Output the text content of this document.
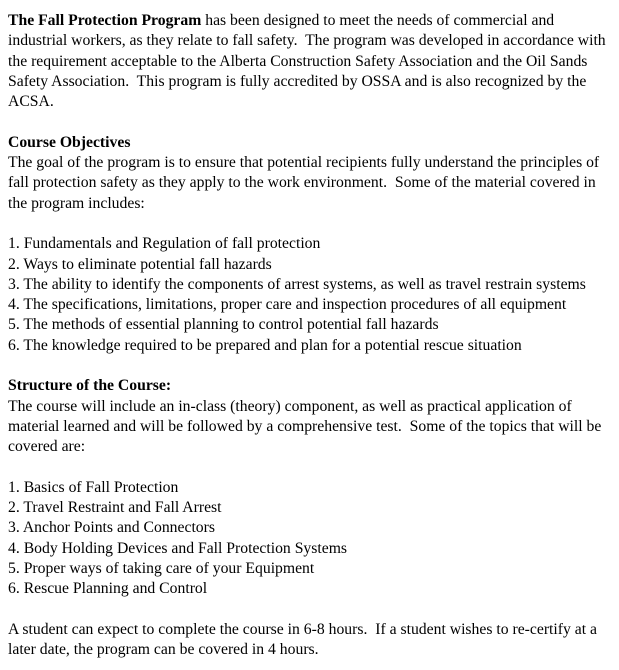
The Fall Protection Program has been designed to meet the needs of commercial and industrial workers, as they relate to fall safety.  The program was developed in accordance with the requirement acceptable to the Alberta Construction Safety Association and the Oil Sands Safety Association.  This program is fully accredited by OSSA and is also recognized by the ACSA.
Course Objectives
The goal of the program is to ensure that potential recipients fully understand the principles of fall protection safety as they apply to the work environment.  Some of the material covered in the program includes:
1. Fundamentals and Regulation of fall protection
2. Ways to eliminate potential fall hazards
3. The ability to identify the components of arrest systems, as well as travel restrain systems
4. The specifications, limitations, proper care and inspection procedures of all equipment
5. The methods of essential planning to control potential fall hazards
6. The knowledge required to be prepared and plan for a potential rescue situation
Structure of the Course:
The course will include an in-class (theory) component, as well as practical application of material learned and will be followed by a comprehensive test.  Some of the topics that will be covered are:
1. Basics of Fall Protection
2. Travel Restraint and Fall Arrest
3. Anchor Points and Connectors
4. Body Holding Devices and Fall Protection Systems
5. Proper ways of taking care of your Equipment
6. Rescue Planning and Control
A student can expect to complete the course in 6-8 hours.  If a student wishes to re-certify at a later date, the program can be covered in 4 hours.
